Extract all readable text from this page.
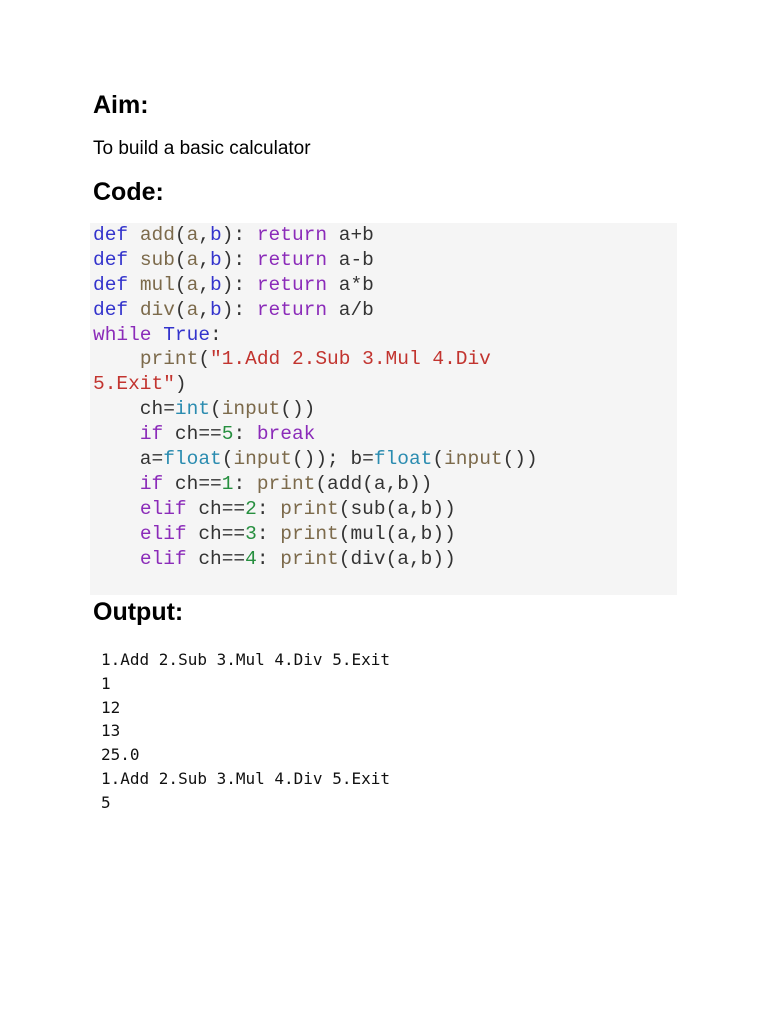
Aim:

To build a basic calculator

Code:
def add(a,b): return a+b
def sub(a,b): return a-b
def mul(a,b): return a*b
def div(a,b): return a/b
while True:
print("1.Add 2.Sub 3.Mul 4.Div
5.Exit")
ch=int(input())
if ch==5: break
a=float(input()); b=float(input())
if ch==1: print(add(a,b))
elif ch==2: print(sub(a,b))
elif ch==3: print(mul(a,b))
elif ch==4: print(div(a,b))
Output:
1.Add 2.Sub 3.Mul 4.Div 5.Exit
1
12
13
25.0
1.Add 2.Sub 3.Mul 4.Div 5.Exit
5
